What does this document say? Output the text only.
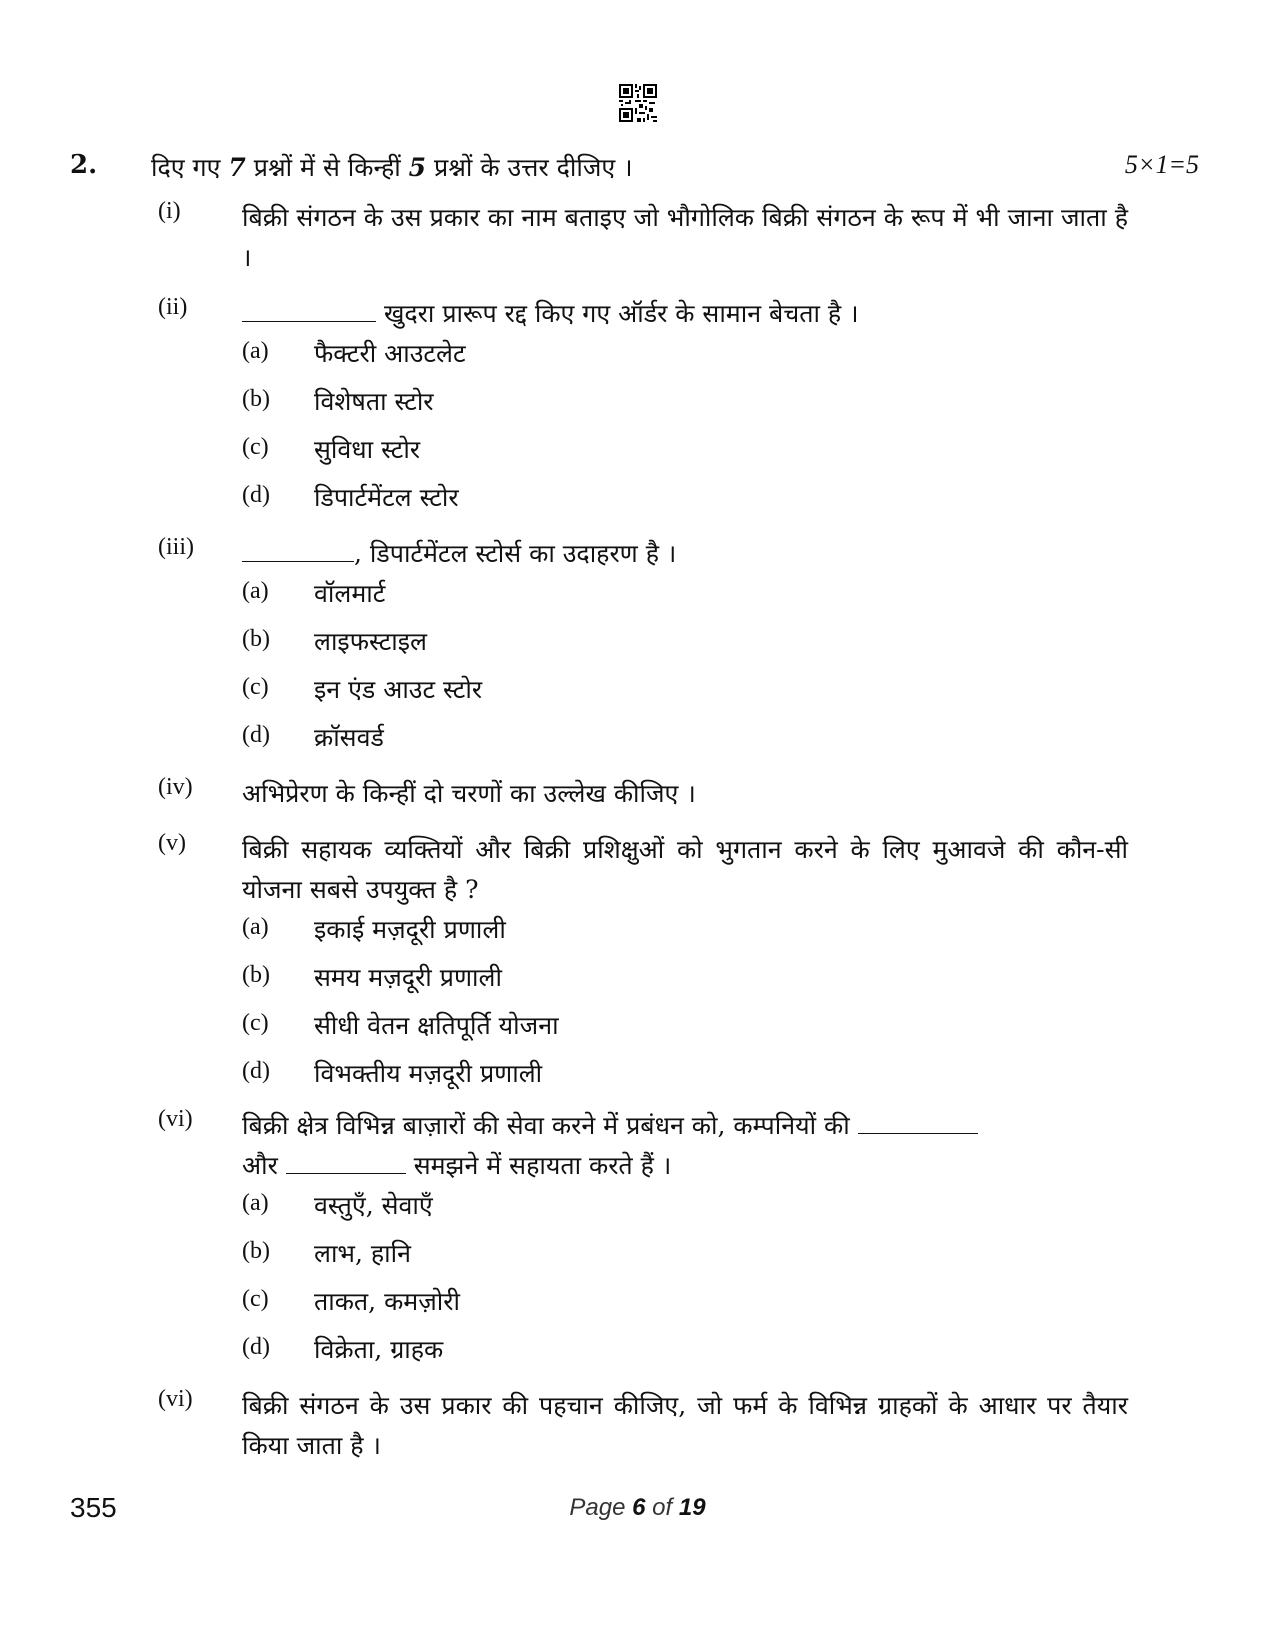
2. दिए गए 7 प्रश्नों में से किन्हीं 5 प्रश्नों के उत्तर दीजिए ।	5×1=5
(i) बिक्री संगठन के उस प्रकार का नाम बताइए जो भौगोलिक बिक्री संगठन के रूप में भी जाना जाता है ।
(ii)	खुदरा प्रारूप रद्द किए गए ऑर्डर के सामान बेचता है ।
(a) फैक्टरी आउटलेट
(b) विशेषता स्टोर
(c) सुविधा स्टोर
(d) डिपार्टमेंटल स्टोर
(iii)	, डिपार्टमेंटल स्टोर्स का उदाहरण है ।
(a) वॉलमार्ट
(b) लाइफस्टाइल
(c) इन एंड आउट स्टोर
(d) क्रॉसवर्ड
(iv) अभिप्रेरण के किन्हीं दो चरणों का उल्लेख कीजिए ।
(v) बिक्री सहायक व्यक्तियों और बिक्री प्रशिक्षुओं को भुगतान करने के लिए मुआवजे की कौन-सी योजना सबसे उपयुक्त है ?
(a) इकाई मज़दूरी प्रणाली
(b) समय मज़दूरी प्रणाली
(c) सीधी वेतन क्षतिपूर्ति योजना
(d) विभक्तीय मज़दूरी प्रणाली
(vi) बिक्री क्षेत्र विभिन्न बाज़ारों की सेवा करने में प्रबंधन को, कम्पनियों की
और	समझने में सहायता करते हैं ।
(a) वस्तुएँ, सेवाएँ
(b) लाभ, हानि
(c) ताकत, कमज़ोरी
(d) विक्रेता, ग्राहक
(vi) बिक्री संगठन के उस प्रकार की पहचान कीजिए, जो फर्म के विभिन्न ग्राहकों के आधार पर तैयार किया जाता है ।
355	Page 6 of 19
